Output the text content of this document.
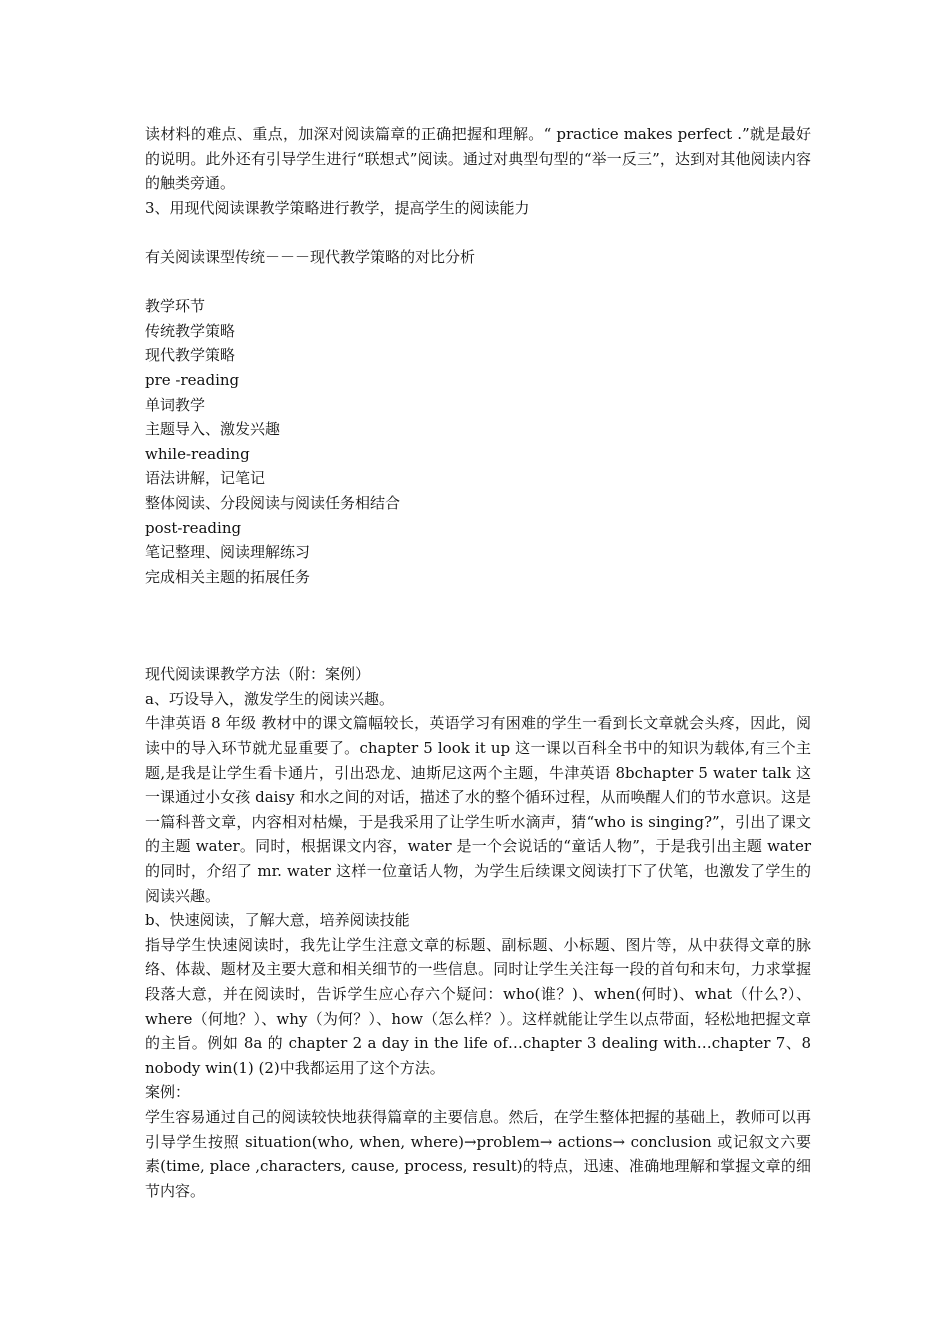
读材料的难点、重点，加深对阅读篇章的正确把握和理解。“ practice makes perfect .”就是最好的说明。此外还有引导学生进行“联想式”阅读。通过对典型句型的“举一反三”，达到对其他阅读内容的触类旁通。

3、用现代阅读课教学策略进行教学，提高学生的阅读能力

有关阅读课型传统－－－现代教学策略的对比分析

教学环节

传统教学策略

现代教学策略

pre -reading

单词教学

主题导入、激发兴趣

while-reading

语法讲解，记笔记

整体阅读、分段阅读与阅读任务相结合

post-reading

笔记整理、阅读理解练习

完成相关主题的拓展任务

现代阅读课教学方法（附：案例）

a、巧设导入，激发学生的阅读兴趣。

牛津英语 8 年级 教材中的课文篇幅较长，英语学习有困难的学生一看到长文章就会头疼，因此，阅读中的导入环节就尤显重要了。chapter 5 look it up 这一课以百科全书中的知识为载体,有三个主题,是我是让学生看卡通片，引出恐龙、迪斯尼这两个主题，牛津英语 8bchapter 5 water talk 这一课通过小女孩 daisy 和水之间的对话，描述了水的整个循环过程，从而唤醒人们的节水意识。这是一篇科普文章，内容相对枯燥，于是我采用了让学生听水滴声，猜“who is singing?”，引出了课文的主题 water。同时，根据课文内容，water 是一个会说话的“童话人物”，于是我引出主题 water 的同时，介绍了 mr. water 这样一位童话人物，为学生后续课文阅读打下了伏笔，也激发了学生的阅读兴趣。

b、快速阅读，了解大意，培养阅读技能

指导学生快速阅读时，我先让学生注意文章的标题、副标题、小标题、图片等，从中获得文章的脉络、体裁、题材及主要大意和相关细节的一些信息。同时让学生关注每一段的首句和末句，力求掌握段落大意，并在阅读时，告诉学生应心存六个疑问：who(谁？)、when(何时)、what（什么?）、where（何地？）、why（为何？）、how（怎么样？）。这样就能让学生以点带面，轻松地把握文章的主旨。例如 8a 的 chapter 2 a day in the life of…chapter 3 dealing with…chapter 7、8 nobody win(1) (2)中我都运用了这个方法。

案例：

学生容易通过自己的阅读较快地获得篇章的主要信息。然后，在学生整体把握的基础上，教师可以再引导学生按照 situation(who, when, where)→problem→ actions→ conclusion 或记叙文六要素(time, place ,characters, cause, process, result)的特点，迅速、准确地理解和掌握文章的细节内容。
